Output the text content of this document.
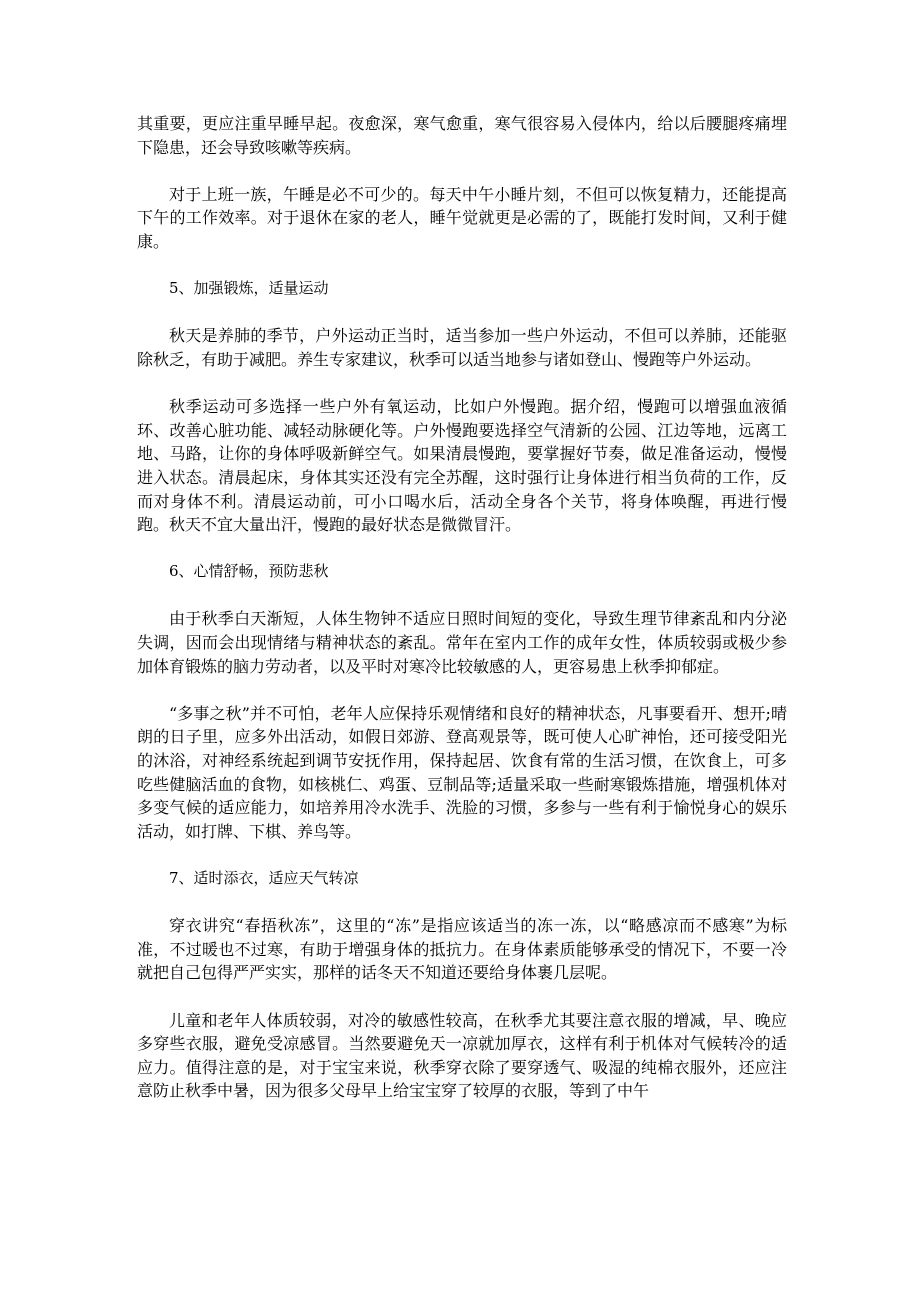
其重要，更应注重早睡早起。夜愈深，寒气愈重，寒气很容易入侵体内，给以后腰腿疼痛埋下隐患，还会导致咳嗽等疾病。

对于上班一族，午睡是必不可少的。每天中午小睡片刻，不但可以恢复精力，还能提高下午的工作效率。对于退休在家的老人，睡午觉就更是必需的了，既能打发时间，又利于健康。

5、加强锻炼，适量运动

秋天是养肺的季节，户外运动正当时，适当参加一些户外运动，不但可以养肺，还能驱除秋乏，有助于减肥。养生专家建议，秋季可以适当地参与诸如登山、慢跑等户外运动。

秋季运动可多选择一些户外有氧运动，比如户外慢跑。据介绍，慢跑可以增强血液循环、改善心脏功能、减轻动脉硬化等。户外慢跑要选择空气清新的公园、江边等地，远离工地、马路，让你的身体呼吸新鲜空气。如果清晨慢跑，要掌握好节奏，做足准备运动，慢慢进入状态。清晨起床，身体其实还没有完全苏醒，这时强行让身体进行相当负荷的工作，反而对身体不利。清晨运动前，可小口喝水后，活动全身各个关节，将身体唤醒，再进行慢跑。秋天不宜大量出汗，慢跑的最好状态是微微冒汗。

6、心情舒畅，预防悲秋

由于秋季白天渐短，人体生物钟不适应日照时间短的变化，导致生理节律紊乱和内分泌失调，因而会出现情绪与精神状态的紊乱。常年在室内工作的成年女性，体质较弱或极少参加体育锻炼的脑力劳动者，以及平时对寒冷比较敏感的人，更容易患上秋季抑郁症。

“多事之秋”并不可怕，老年人应保持乐观情绪和良好的精神状态，凡事要看开、想开;晴朗的日子里，应多外出活动，如假日郊游、登高观景等，既可使人心旷神怡，还可接受阳光的沐浴，对神经系统起到调节安抚作用，保持起居、饮食有常的生活习惯，在饮食上，可多吃些健脑活血的食物，如核桃仁、鸡蛋、豆制品等;适量采取一些耐寒锻炼措施，增强机体对多变气候的适应能力，如培养用冷水洗手、洗脸的习惯，多参与一些有利于愉悦身心的娱乐活动，如打牌、下棋、养鸟等。

7、适时添衣，适应天气转凉

穿衣讲究“春捂秋冻”，这里的“冻”是指应该适当的冻一冻，以“略感凉而不感寒”为标准，不过暖也不过寒，有助于增强身体的抵抗力。在身体素质能够承受的情况下，不要一冷就把自己包得严严实实，那样的话冬天不知道还要给身体裹几层呢。

儿童和老年人体质较弱，对冷的敏感性较高，在秋季尤其要注意衣服的增减，早、晚应多穿些衣服，避免受凉感冒。当然要避免天一凉就加厚衣，这样有利于机体对气候转冷的适应力。值得注意的是，对于宝宝来说，秋季穿衣除了要穿透气、吸湿的纯棉衣服外，还应注意防止秋季中暑，因为很多父母早上给宝宝穿了较厚的衣服，等到了中午
